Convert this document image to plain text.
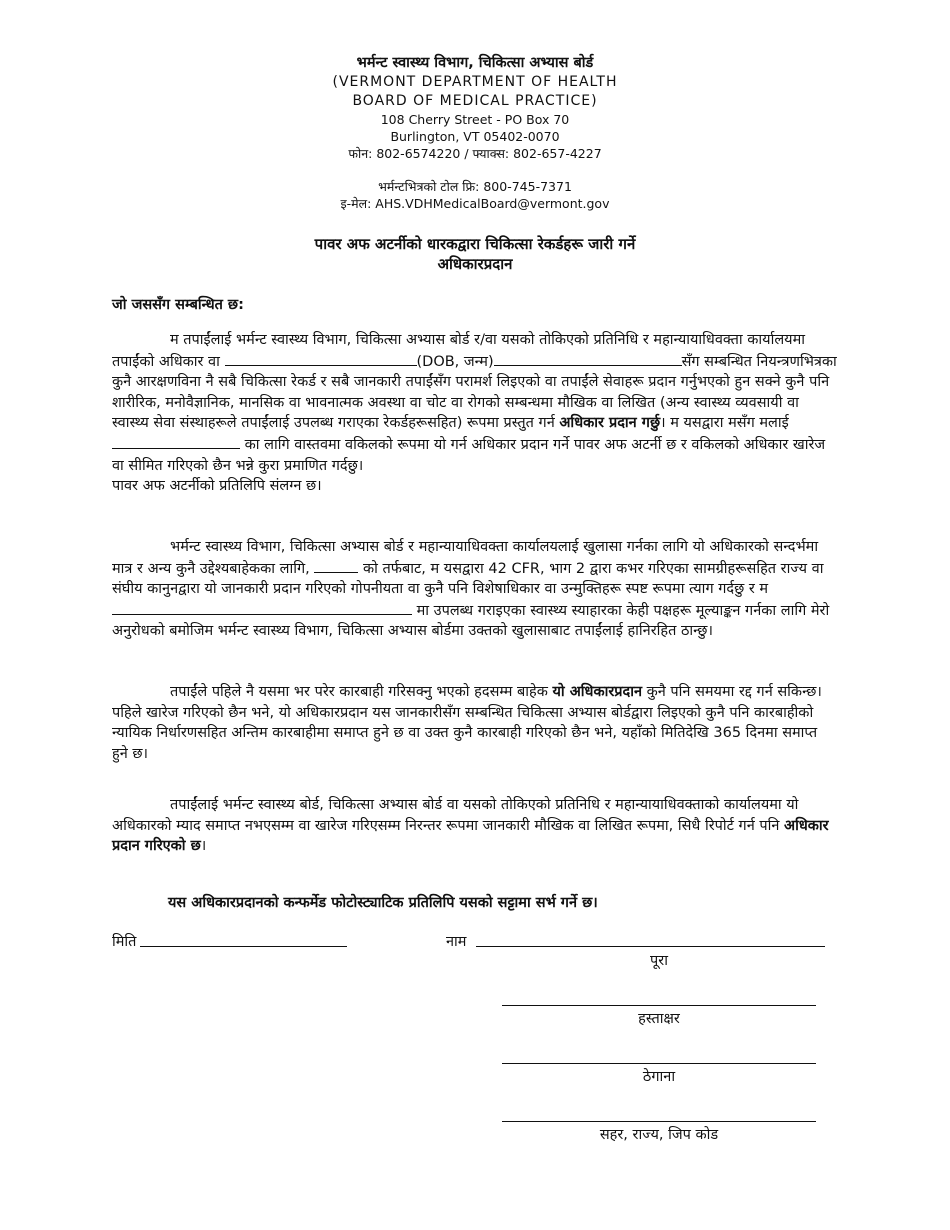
भर्मन्ट स्वास्थ्य विभाग, चिकित्सा अभ्यास बोर्ड
(VERMONT DEPARTMENT OF HEALTH
BOARD OF MEDICAL PRACTICE)
108 Cherry Street - PO Box 70
Burlington, VT 05402-0070
फोन: 802-6574220 / फ्याक्स: 802-657-4227
भर्मन्टभित्रको टोल फ्रि: 800-745-7371
इ-मेल: AHS.VDHMedicalBoard@vermont.gov
पावर अफ अटर्नीको धारकद्वारा चिकित्सा रेकर्डहरू जारी गर्ने
अधिकारप्रदान
जो जससँग सम्बन्धित छ:
म तपाईंलाई भर्मन्ट स्वास्थ्य विभाग, चिकित्सा अभ्यास बोर्ड र/वा यसको तोकिएको प्रतिनिधि र महान्यायाधिवक्ता कार्यालयमा तपाईंको अधिकार वा	(DOB, जन्म)	सँग सम्बन्धित नियन्त्रणभित्रका कुनै आरक्षणविना नै सबै चिकित्सा रेकर्ड र सबै जानकारी तपाईंसँग परामर्श लिइएको वा तपाईंले सेवाहरू प्रदान गर्नुभएको हुन सक्ने कुनै पनि शारीरिक, मनोवैज्ञानिक, मानसिक वा भावनात्मक अवस्था वा चोट वा रोगको सम्बन्धमा मौखिक वा लिखित (अन्य स्वास्थ्य व्यवसायी वा स्वास्थ्य सेवा संस्थाहरूले तपाईंलाई उपलब्ध गराएका रेकर्डहरूसहित) रूपमा प्रस्तुत गर्न अधिकार प्रदान गर्छु। म यसद्वारा मसँग मलाई  का लागि वास्तवमा वकिलको रूपमा यो गर्न अधिकार प्रदान गर्ने पावर अफ अटर्नी छ र वकिलको अधिकार खारेज वा सीमित गरिएको छैन भन्ने कुरा प्रमाणित गर्दछु।
पावर अफ अटर्नीको प्रतिलिपि संलग्न छ।
भर्मन्ट स्वास्थ्य विभाग, चिकित्सा अभ्यास बोर्ड र महान्यायाधिवक्ता कार्यालयलाई खुलासा गर्नका लागि यो अधिकारको सन्दर्भमा मात्र र अन्य कुनै उद्देश्यबाहेकका लागि,	को तर्फबाट, म यसद्वारा 42 CFR, भाग 2 द्वारा कभर गरिएका सामग्रीहरूसहित राज्य वा संघीय कानुनद्वारा यो जानकारी प्रदान गरिएको गोपनीयता वा कुनै पनि विशेषाधिकार वा उन्मुक्तिहरू स्पष्ट रूपमा त्याग गर्दछु र म  मा उपलब्ध गराइएका स्वास्थ्य स्याहारका केही पक्षहरू मूल्याङ्कन गर्नका लागि मेरो अनुरोधको बमोजिम भर्मन्ट स्वास्थ्य विभाग, चिकित्सा अभ्यास बोर्डमा उक्तको खुलासाबाट तपाईंलाई हानिरहित ठान्छु।
तपाईंले पहिले नै यसमा भर परेर कारबाही गरिसक्नु भएको हदसम्म बाहेक यो अधिकारप्रदान कुनै पनि समयमा रद्द गर्न सकिन्छ। पहिले खारेज गरिएको छैन भने, यो अधिकारप्रदान यस जानकारीसँग सम्बन्धित चिकित्सा अभ्यास बोर्डद्वारा लिइएको कुनै पनि कारबाहीको न्यायिक निर्धारणसहित अन्तिम कारबाहीमा समाप्त हुने छ वा उक्त कुनै कारबाही गरिएको छैन भने, यहाँको मितिदेखि 365 दिनमा समाप्त हुने छ।
तपाईंलाई भर्मन्ट स्वास्थ्य बोर्ड, चिकित्सा अभ्यास बोर्ड वा यसको तोकिएको प्रतिनिधि र महान्यायाधिवक्ताको कार्यालयमा यो अधिकारको म्याद समाप्त नभएसम्म वा खारेज गरिएसम्म निरन्तर रूपमा जानकारी मौखिक वा लिखित रूपमा, सिधै रिपोर्ट गर्न पनि अधिकार प्रदान गरिएको छ।
यस अधिकारप्रदानको कन्फर्मेड फोटोस्ट्याटिक प्रतिलिपि यसको सट्टामा सर्भ गर्ने छ।
मिति	नाम
पूरा
हस्ताक्षर
ठेगाना
सहर, राज्य, जिप कोड
